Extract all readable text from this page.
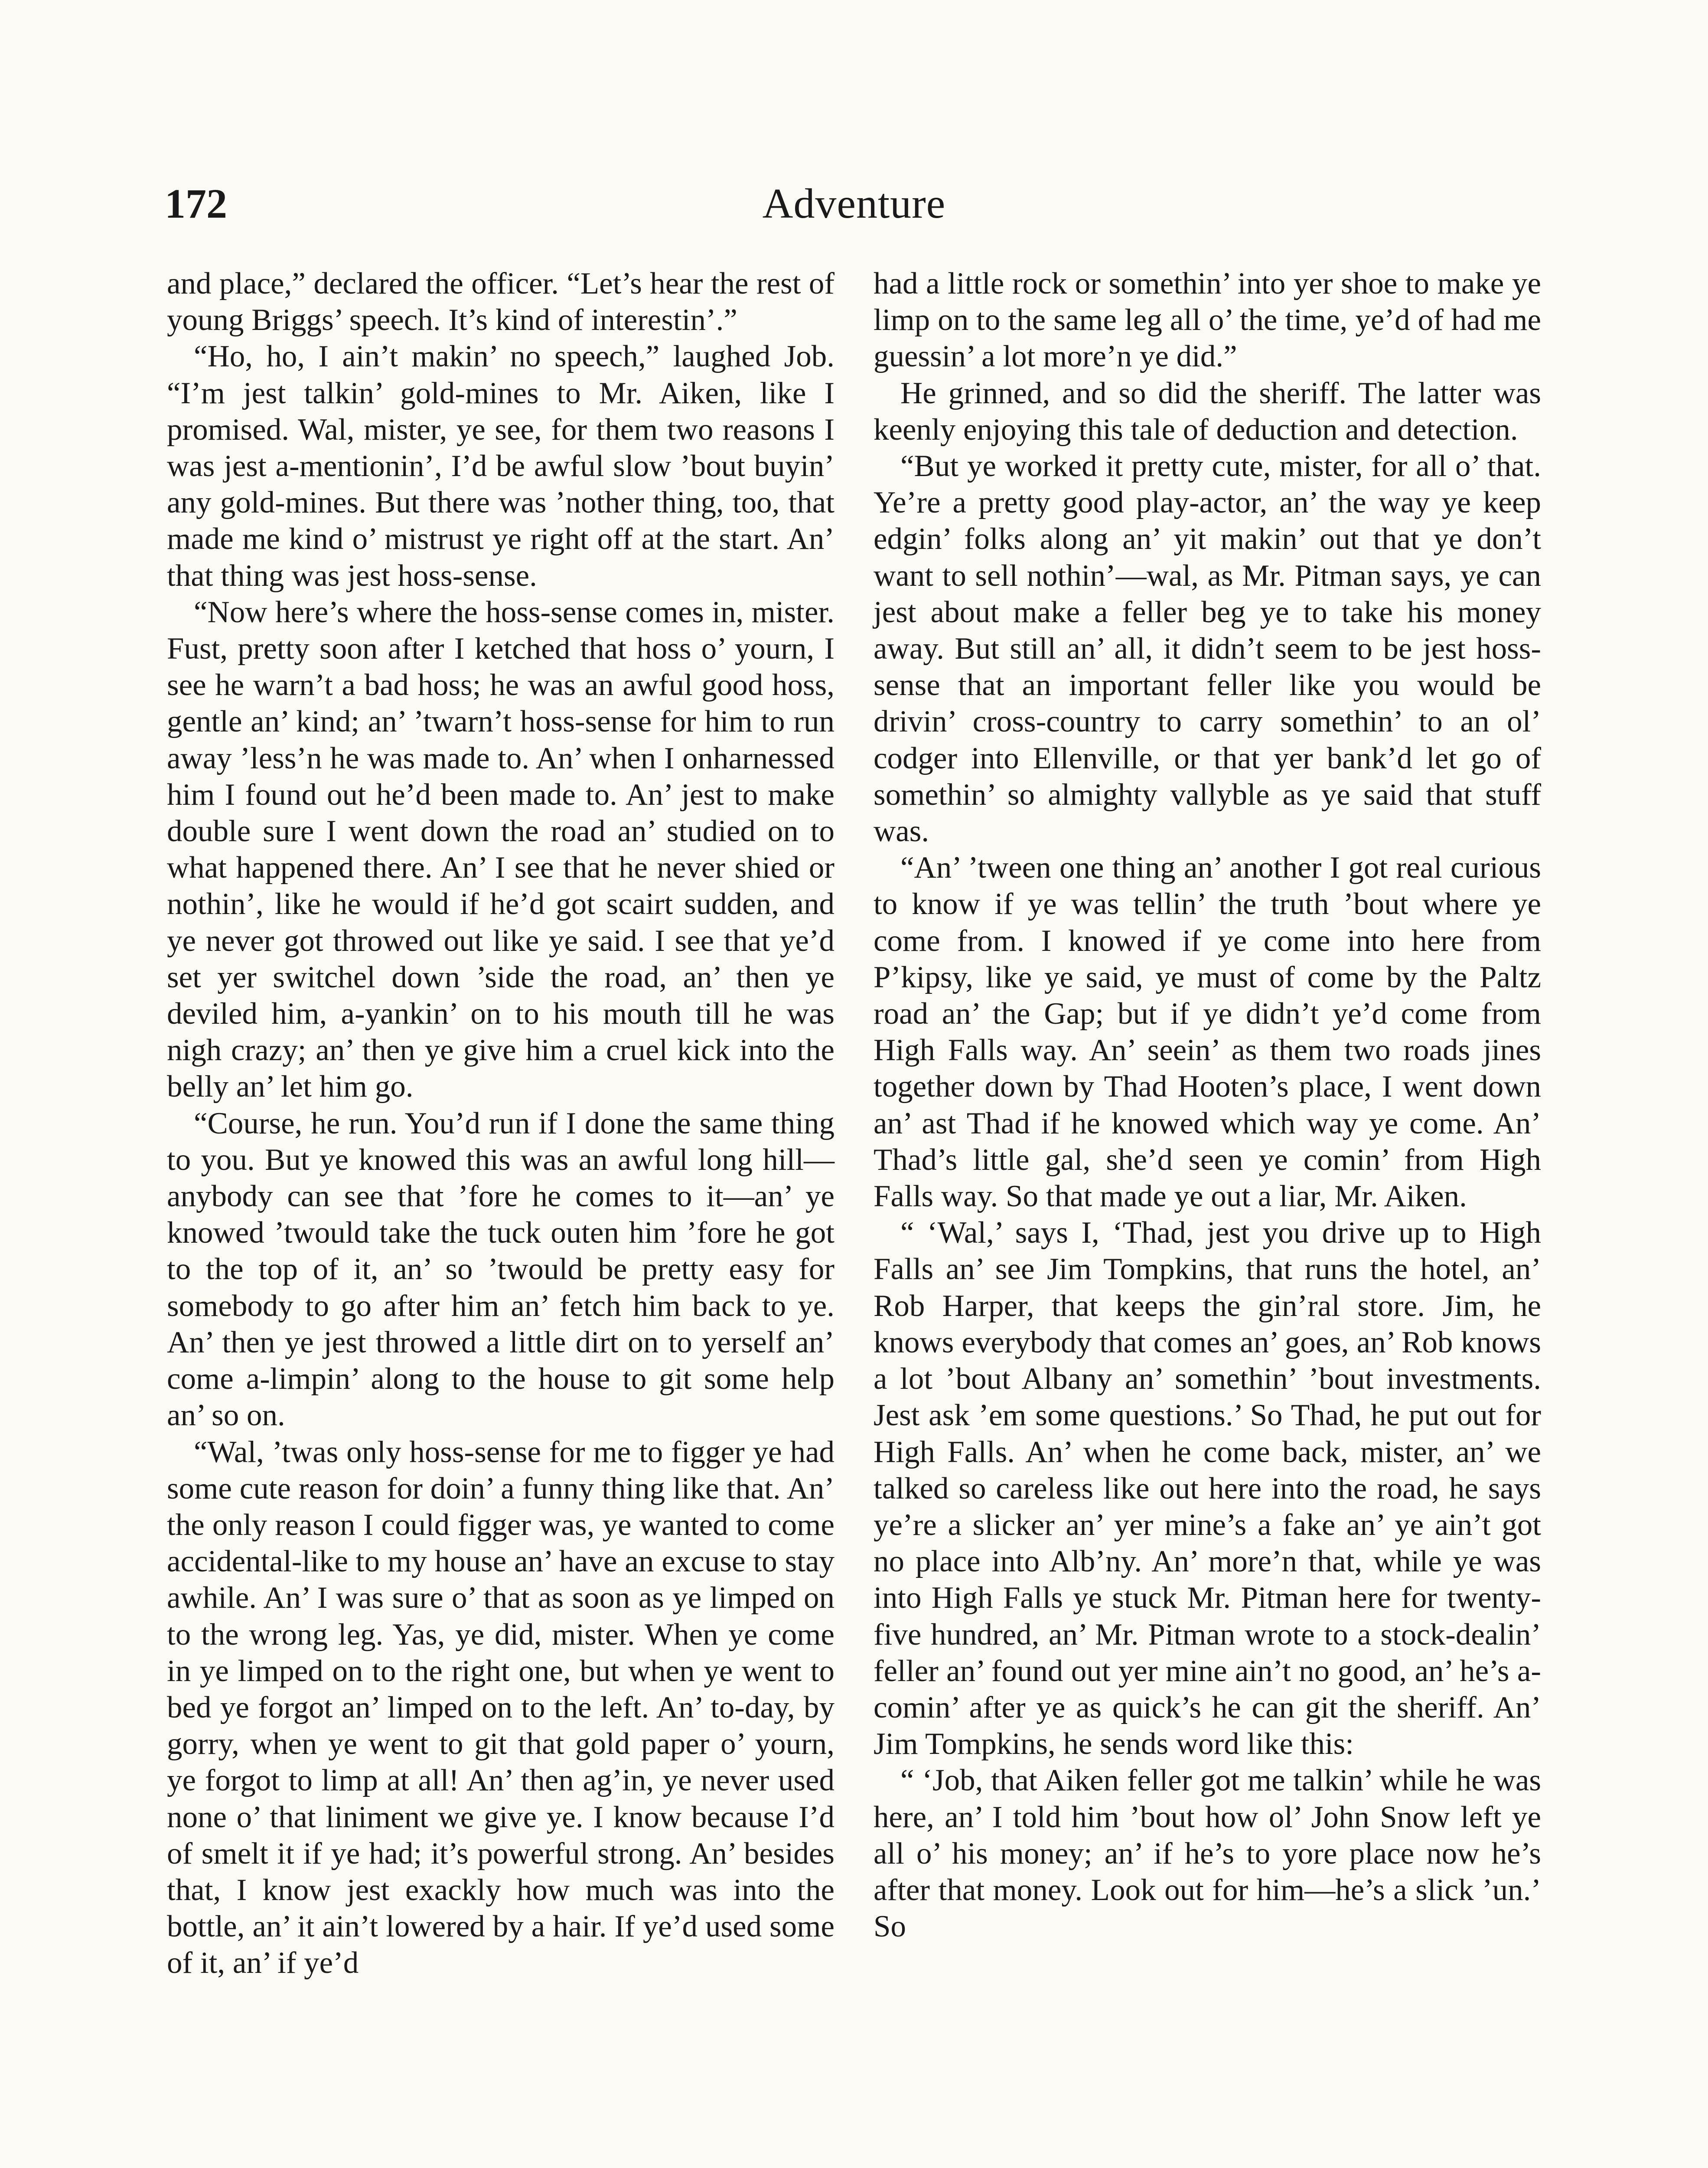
172	Adventure

and place,” declared the officer. “Let’s hear the rest of young Briggs’ speech. It’s kind of interestin’.”

“Ho, ho, I ain’t makin’ no speech,” laughed Job. “I’m jest talkin’ gold-mines to Mr. Aiken, like I promised. Wal, mister, ye see, for them two reasons I was jest a-mentionin’, I’d be awful slow ’bout buyin’ any gold-mines. But there was ’nother thing, too, that made me kind o’ mistrust ye right off at the start. An’ that thing was jest hoss-sense.

“Now here’s where the hoss-sense comes in, mister. Fust, pretty soon after I ketched that hoss o’ yourn, I see he warn’t a bad hoss; he was an awful good hoss, gentle an’ kind; an’ ’twarn’t hoss-sense for him to run away ’less’n he was made to. An’ when I onharnessed him I found out he’d been made to. An’ jest to make double sure I went down the road an’ studied on to what happened there. An’ I see that he never shied or nothin’, like he would if he’d got scairt sudden, and ye never got throwed out like ye said. I see that ye’d set yer switchel down ’side the road, an’ then ye deviled him, a-yankin’ on to his mouth till he was nigh crazy; an’ then ye give him a cruel kick into the belly an’ let him go.

“Course, he run. You’d run if I done the same thing to you. But ye knowed this was an awful long hill—anybody can see that ’fore he comes to it—an’ ye knowed ’twould take the tuck outen him ’fore he got to the top of it, an’ so ’twould be pretty easy for somebody to go after him an’ fetch him back to ye. An’ then ye jest throwed a little dirt on to yerself an’ come a-limpin’ along to the house to git some help an’ so on.

“Wal, ’twas only hoss-sense for me to figger ye had some cute reason for doin’ a funny thing like that. An’ the only reason I could figger was, ye wanted to come accidental-like to my house an’ have an excuse to stay awhile. An’ I was sure o’ that as soon as ye limped on to the wrong leg. Yas, ye did, mister. When ye come in ye limped on to the right one, but when ye went to bed ye forgot an’ limped on to the left. An’ to-day, by gorry, when ye went to git that gold paper o’ yourn, ye forgot to limp at all! An’ then ag’in, ye never used none o’ that liniment we give ye. I know because I’d of smelt it if ye had; it’s powerful strong. An’ besides that, I know jest exackly how much was into the bottle, an’ it ain’t lowered by a hair. If ye’d used some of it, an’ if ye’d

had a little rock or somethin’ into yer shoe to make ye limp on to the same leg all o’ the time, ye’d of had me guessin’ a lot more’n ye did.”

He grinned, and so did the sheriff. The latter was keenly enjoying this tale of deduction and detection.

“But ye worked it pretty cute, mister, for all o’ that. Ye’re a pretty good play-actor, an’ the way ye keep edgin’ folks along an’ yit makin’ out that ye don’t want to sell nothin’—wal, as Mr. Pitman says, ye can jest about make a feller beg ye to take his money away. But still an’ all, it didn’t seem to be jest hoss-sense that an important feller like you would be drivin’ cross-country to carry somethin’ to an ol’ codger into Ellenville, or that yer bank’d let go of somethin’ so almighty vallyble as ye said that stuff was.

“An’ ’tween one thing an’ another I got real curious to know if ye was tellin’ the truth ’bout where ye come from. I knowed if ye come into here from P’kipsy, like ye said, ye must of come by the Paltz road an’ the Gap; but if ye didn’t ye’d come from High Falls way. An’ seein’ as them two roads jines together down by Thad Hooten’s place, I went down an’ ast Thad if he knowed which way ye come. An’ Thad’s little gal, she’d seen ye comin’ from High Falls way. So that made ye out a liar, Mr. Aiken.

“ ‘Wal,’ says I, ‘Thad, jest you drive up to High Falls an’ see Jim Tompkins, that runs the hotel, an’ Rob Harper, that keeps the gin’ral store. Jim, he knows everybody that comes an’ goes, an’ Rob knows a lot ’bout Albany an’ somethin’ ’bout investments. Jest ask ’em some questions.’ So Thad, he put out for High Falls. An’ when he come back, mister, an’ we talked so careless like out here into the road, he says ye’re a slicker an’ yer mine’s a fake an’ ye ain’t got no place into Alb’ny. An’ more’n that, while ye was into High Falls ye stuck Mr. Pitman here for twenty-five hundred, an’ Mr. Pitman wrote to a stock-dealin’ feller an’ found out yer mine ain’t no good, an’ he’s a-comin’ after ye as quick’s he can git the sheriff. An’ Jim Tompkins, he sends word like this:

“ ‘Job, that Aiken feller got me talkin’ while he was here, an’ I told him ’bout how ol’ John Snow left ye all o’ his money; an’ if he’s to yore place now he’s after that money. Look out for him—he’s a slick ’un.’ So
